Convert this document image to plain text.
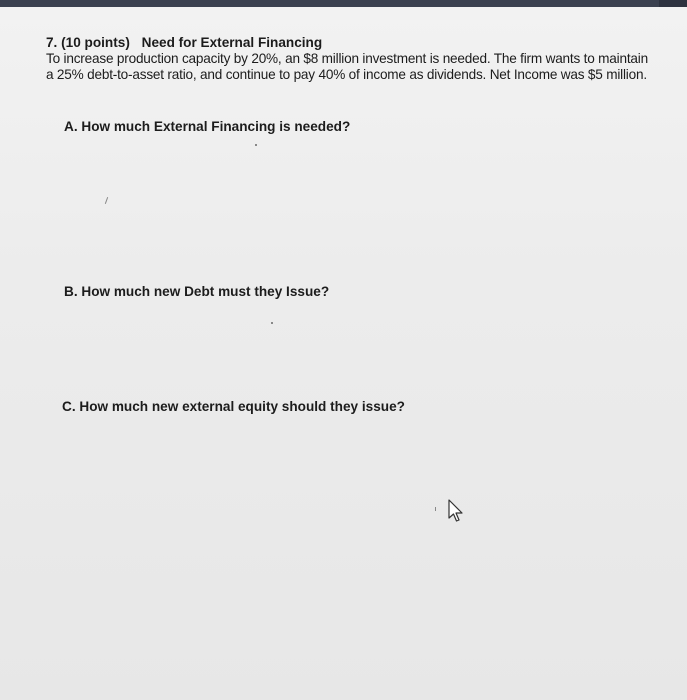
7. (10 points) Need for External Financing
To increase production capacity by 20%, an $8 million investment is needed. The firm wants to maintain a 25% debt-to-asset ratio, and continue to pay 40% of income as dividends. Net Income was $5 million.
A. How much External Financing is needed?
B. How much new Debt must they Issue?
C. How much new external equity should they issue?
